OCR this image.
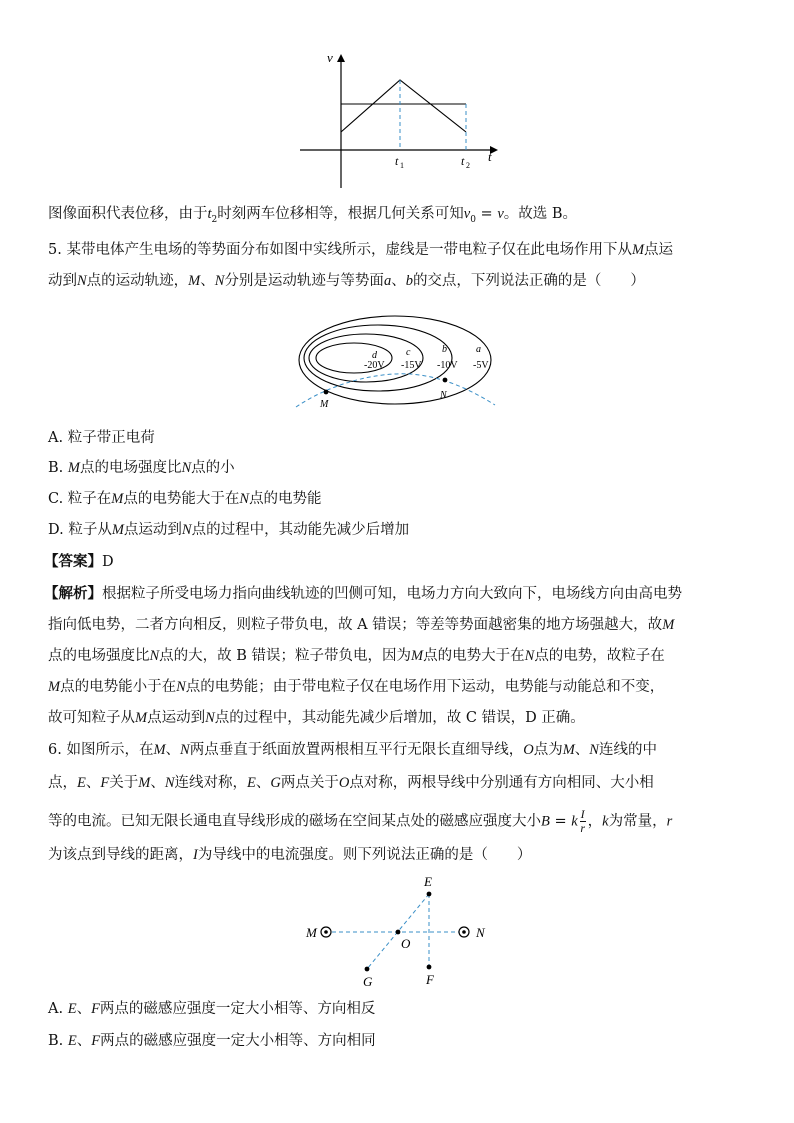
v
t
t 1	t 2
图像面积代表位移，由于$t_2$时刻两车位移相等，根据几何关系可知$v_0 = v$。故选 B。
5. 某带电体产生电场的等势面分布如图中实线所示，虚线是一带电粒子仅在此电场作用下从M点运
动到N点的运动轨迹，M、N分别是运动轨迹与等势面a、b的交点，下列说法正确的是（　　）
d	c	b	a
-20V -15V -10V -5V
M
N
A. 粒子带正电荷
B. M点的电场强度比N点的小
C. 粒子在M点的电势能大于在N点的电势能
D. 粒子从M点运动到N点的过程中，其动能先减少后增加
【答案】D
【解析】根据粒子所受电场力指向曲线轨迹的凹侧可知，电场力方向大致向下，电场线方向由高电势
指向低电势，二者方向相反，则粒子带负电，故 A 错误；等差等势面越密集的地方场强越大，故M
点的电场强度比N点的大，故 B 错误；粒子带负电，因为M点的电势大于在N点的电势，故粒子在
M点的电势能小于在N点的电势能；由于带电粒子仅在电场作用下运动，电势能与动能总和不变，
故可知粒子从M点运动到N点的过程中，其动能先减少后增加，故 C 错误，D 正确。
6. 如图所示，在M、N两点垂直于纸面放置两根相互平行无限长直细导线，O点为M、N连线的中
点，E、F关于M、N连线对称，E、G两点关于O点对称，两根导线中分别通有方向相同、大小相
等的电流。已知无限长通电直导线形成的磁场在空间某点处的磁感应强度大小B = k $\frac{I}{r}$ ，k为常量，r
为该点到导线的距离，I为导线中的电流强度。则下列说法正确的是（　　）
E
M
O
N
G	F
A. E、F两点的磁感应强度一定大小相等、方向相反
B. E、F两点的磁感应强度一定大小相等、方向相同
